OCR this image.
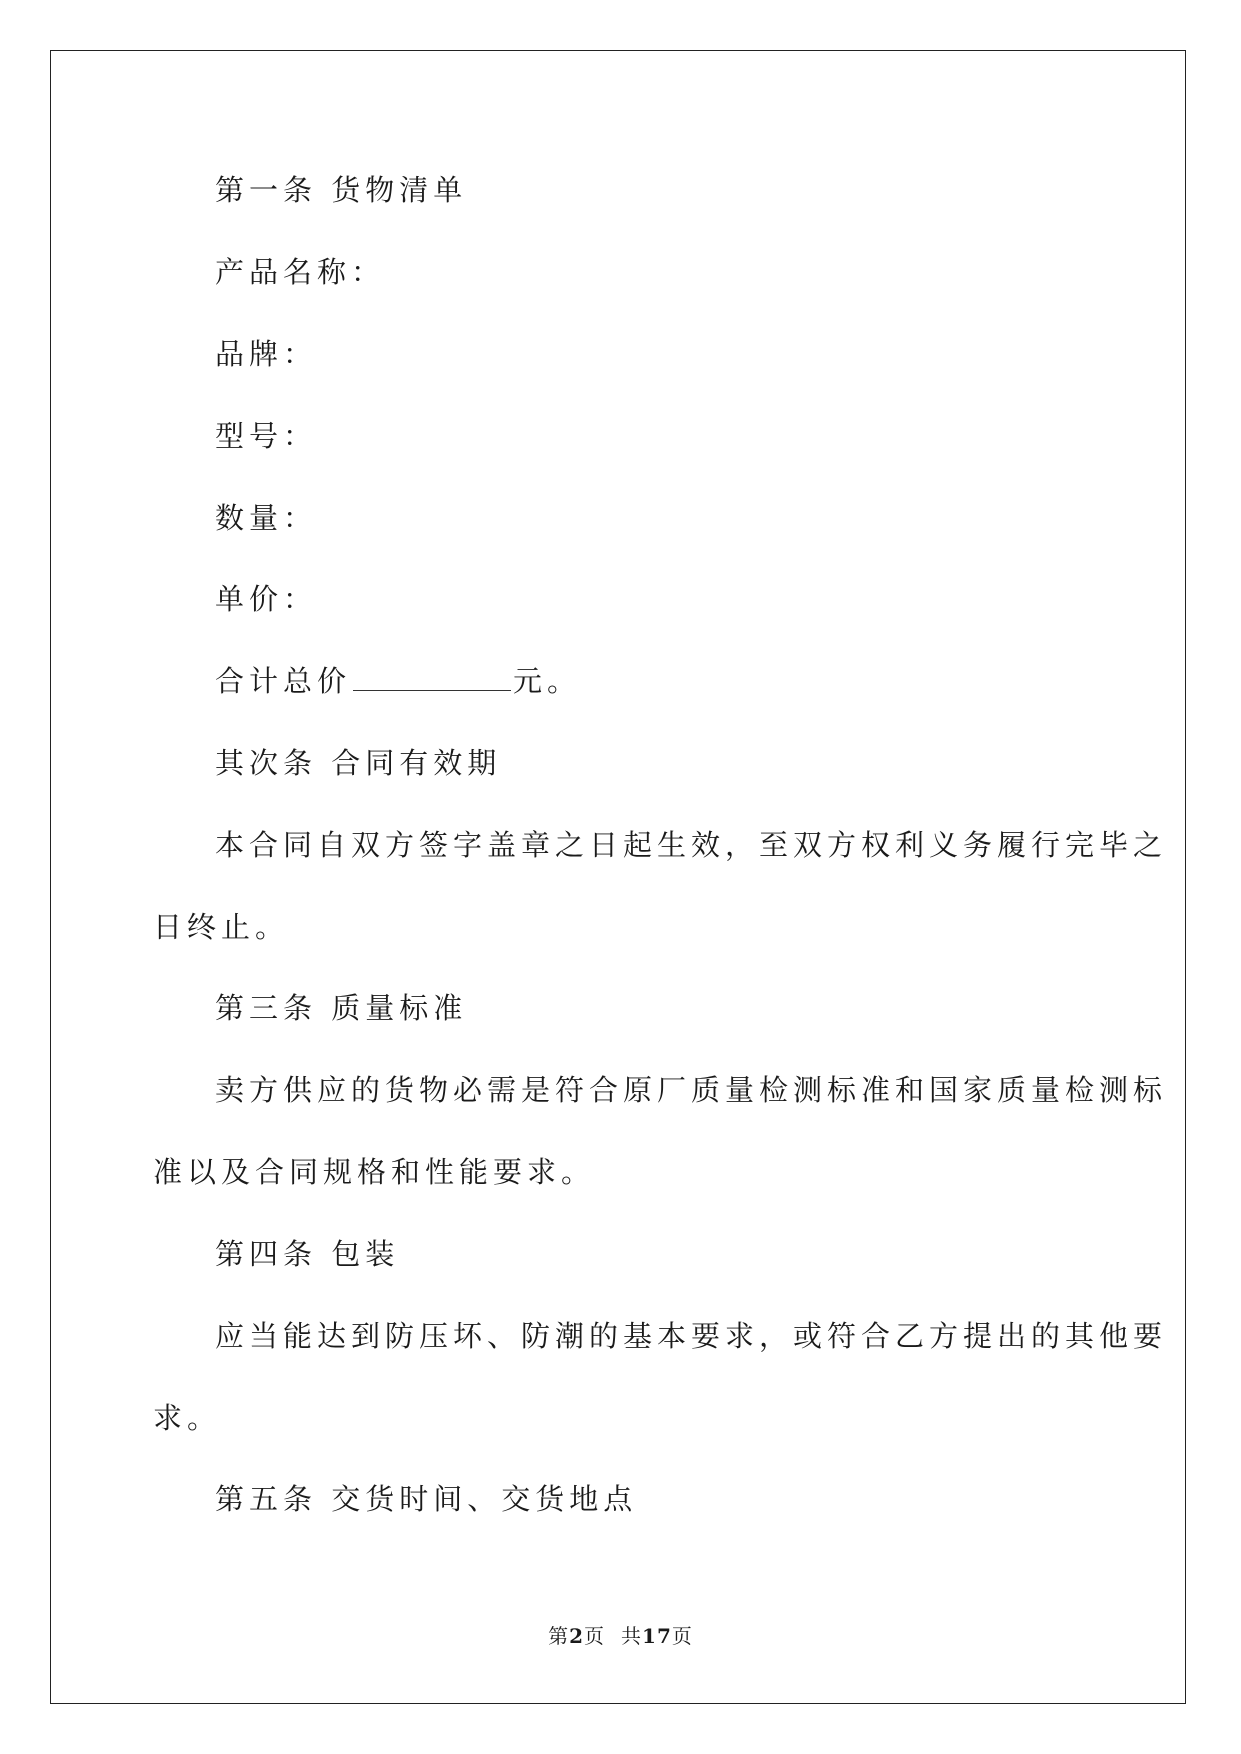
第一条 货物清单
产品名称：
品牌：
型号：
数量：
单价：
合计总价	元。
其次条 合同有效期
本合同自双方签字盖章之日起生效，至双方权利义务履行完毕之
日终止。
第三条 质量标准
卖方供应的货物必需是符合原厂质量检测标准和国家质量检测标
准以及合同规格和性能要求。
第四条 包装
应当能达到防压坏、防潮的基本要求，或符合乙方提出的其他要
求。
第五条 交货时间、交货地点
第2页 共17页
